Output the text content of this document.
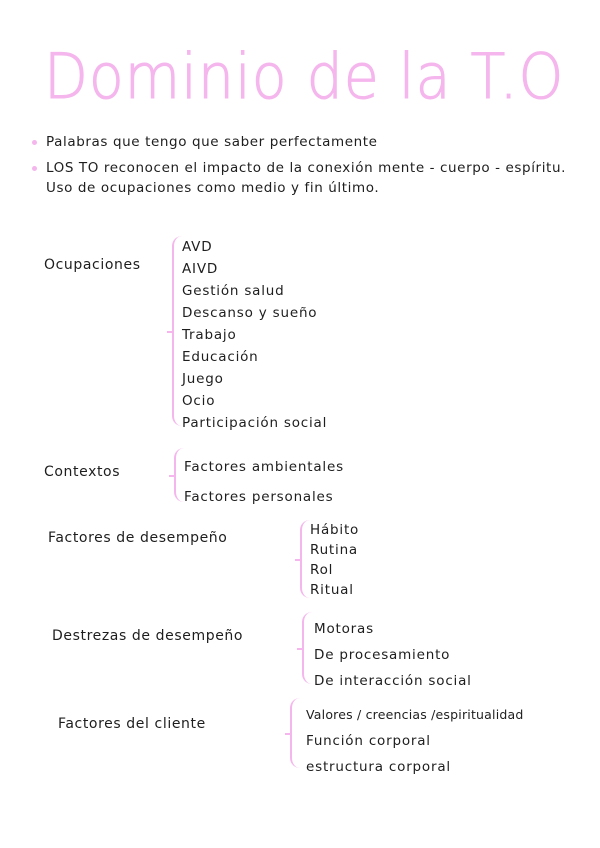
Dominio de la T.O
Palabras que tengo que saber perfectamente
LOS TO reconocen el impacto de la conexión mente - cuerpo - espíritu. Uso de ocupaciones como medio y fin último.
Ocupaciones
AVD
AIVD
Gestión salud
Descanso y sueño
Trabajo
Educación
Juego
Ocio
Participación social
Contextos	Factores ambientales
Factores personales
Factores de desempeño	Hábito
Rutina
Rol
Ritual
Destrezas de desempeño	Motoras
De procesamiento
De interacción social
Factores del cliente
Valores / creencias /espiritualidad
Función corporal
estructura corporal
